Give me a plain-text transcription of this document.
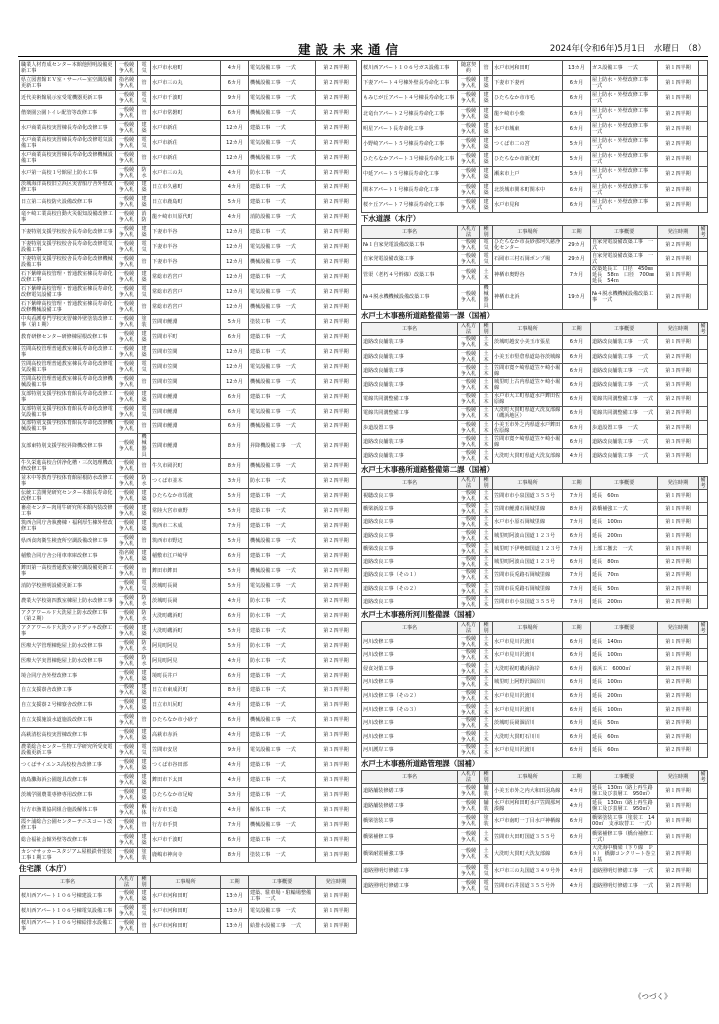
建設未来通信	2024年(令和6年)5月1日　水曜日　（8）
職業人材育成センター本館他照明設備更新工事	一般競争入札	電気	水戸市水府町	4カ月	電気設備工事　一式	第２四半期	
県立図書館ＥＶ室・サーバー室空調設備更新工事	指名競争入札	管	水戸市三の丸	6カ月	機械設備工事　一式	第２四半期	
近代美術館展示室受電機器更新工事	一般競争入札	電気	水戸市千波町	9カ月	電気設備工事　一式	第２四半期	
偕楽園公園トイレ配管等改修工事	一般競争入札	管	水戸市常磐町	6カ月	機械設備工事　一式	第２四半期	
水戸商業高校実習棟長寿命化改修工事	一般競争入札	建築	水戸市新荘	12カ月	建築工事　一式	第２四半期	
水戸商業高校実習棟長寿命化改修電気設備工事	一般競争入札	電気	水戸市新荘	12カ月	電気設備工事　一式	第２四半期	
水戸商業高校実習棟長寿命化改修機械設備工事	一般競争入札	管	水戸市新荘	12カ月	機械設備工事　一式	第２四半期	
水戸第一高校１号館屋上防水工事	一般競争入札	防水	水戸市三の丸	4カ月	防水工事　一式	第２四半期	
茨城海洋高校旧立浜区実習船庁舎外壁改修工事	一般競争入札	建築	日立市久慈町	4カ月	建築工事　一式	第２四半期	
日立第二高校防火設備改修工事	一般競争入札	建築	日立市鹿島町	5カ月	建築工事　一式	第２四半期	
竜ケ崎工業高校自動火災報知設備改修工事	一般競争入札	消防	龍ケ崎市川原代町	4カ月	消防設備工事　一式	第２四半期	
下妻特別支援学校校舎長寿命化改修工事	一般競争入札	建築	下妻市半谷	12カ月	建築工事　一式	第２四半期	
下妻特別支援学校校舎長寿命化改修電気設備工事	一般競争入札	電気	下妻市半谷	12カ月	電気設備工事　一式	第２四半期	
下妻特別支援学校校舎長寿命化改修機械設備工事	一般競争入札	管	下妻市半谷	12カ月	機械設備工事　一式	第２四半期	
石下紫峰高校管理・普通教室棟長寿命化改修工事	一般競争入札	建築	常総市若宮戸	12カ月	建築工事　一式	第２四半期	
石下紫峰高校管理・普通教室棟長寿命化改修電気設備工事	一般競争入札	電気	常総市若宮戸	12カ月	電気設備工事　一式	第２四半期	
石下紫峰高校管理・普通教室棟長寿命化改修機械設備工事	一般競争入札	管	常総市若宮戸	12カ月	機械設備工事　一式	第２四半期	
中央看護専門学校実習棟外壁塗装改修工事（第１期）	一般競争入札	塗装	笠間市鯉淵	5カ月	塗装工事　一式	第２四半期	
教育研修センター研修棟屋根改修工事	一般競争入札	建築	笠間市平町	6カ月	建築工事　一式	第２四半期	
笠間高校管理普通教室棟長寿命化改修工事	一般競争入札	建築	笠間市笠間	12カ月	建築工事　一式	第２四半期	
笠間高校管理普通教室棟長寿命化改修電気設備工事	一般競争入札	電気	笠間市笠間	12カ月	電気設備工事　一式	第２四半期	
笠間高校管理普通教室棟長寿命化改修機械設備工事	一般競争入札	管	笠間市笠間	12カ月	機械設備工事　一式	第２四半期	
友部特別支援学校体育館長寿命化改修工事	一般競争入札	建築	笠間市鯉淵	6カ月	建築工事　一式	第２四半期	
友部特別支援学校体育館長寿命化改修電気設備工事	一般競争入札	電気	笠間市鯉淵	6カ月	電気設備工事　一式	第２四半期	
友部特別支援学校体育館長寿命化改修機械設備工事	一般競争入札	管	笠間市鯉淵	6カ月	機械設備工事　一式	第２四半期	
友部東特別支援学校昇降機改修工事	一般競争入札	機械器具	笠間市鯉淵	8カ月	昇降機設備工事　一式	第２四半期	
牛久栄進高校合併浄化槽・三次処理機改修改修工事	一般競争入札	管	牛久市岡沢町	8カ月	機械設備工事　一式	第２四半期	
並木中等教育学校体育館屋根防水改修工事	一般競争入札	防水	つくば市並木	3カ月	防水工事　一式	第２四半期	
伝統工芸開発研究センター本館長寿命化改修工事	一般競争入札	建築	ひたちなか市馬渡	5カ月	建築工事　一式	第２四半期	
畜産センター肉用牛研究所本館内装改修工事	一般競争入札	建築	常陸大宮市東野	5カ月	建築工事　一式	第２四半期	
筑西合同庁舎執務棟・福利厚生棟外壁改修工事	一般競争入札	建築	筑西市二木成	7カ月	建築工事　一式	第２四半期	
県西食肉衛生検査所空調設備改修工事	一般競争入札	管	筑西市市野辺	5カ月	機械設備工事　一式	第２四半期	
稲敷合同庁舎公用車車庫改修工事	指名競争入札	建築	稲敷市江戸崎甲	6カ月	建築工事　一式	第２四半期	
鉾田第一高校普通教室棟空調設備更新工事	一般競争入札	管	鉾田市鉾田	5カ月	機械設備工事　一式	第２四半期	
消防学校照明設備更新工事	一般競争入札	電気	茨城町長岡	5カ月	電気設備工事　一式	第２四半期	
農業大学校第四教室棟屋上防水改修工事	一般競争入札	防水	茨城町長岡	4カ月	防水工事　一式	第２四半期	
アクアワールド大洗屋上防水改修工事（第２期）	一般競争入札	防水	大洗町磯浜町	6カ月	防水工事　一式	第２四半期	
アクアワールド大洗ウッドデッキ改修工事	一般競争入札	建築	大洗町磯浜町	5カ月	建築工事　一式	第２四半期	
医療大学管理棟他屋上防水改修工事	一般競争入札	防水	阿見町阿見	5カ月	防水工事　一式	第２四半期	
医療大学実習棟他屋上防水改修工事	一般競争入札	防水	阿見町阿見	4カ月	防水工事　一式	第２四半期	
境合同庁舎外壁改修工事	一般競争入札	建築	境町長井戸	6カ月	建築工事　一式	第２四半期	
自立支援寮舎改修工事	一般競争入札	建築	日立市東成沢町	8カ月	建築工事　一式	第３四半期	
自立支援寮２号棟寮舎改修工事	一般競争入札	建築	日立市川尻町	4カ月	建築工事　一式	第３四半期	
自立支援施設水道施設改修工事	一般競争入札	管	ひたちなか市小砂子	6カ月	機械設備工事　一式	第３四半期	
高萩清松高校実習棟改修工事	一般競争入札	建築	高萩市赤浜	4カ月	建築工事　一式	第３四半期	
農業総合センター生物工学研究所受変電設備更新工事	一般競争入札	電気	笠間市安居	9カ月	電気設備工事　一式	第３四半期	
つくばサイエンス高校校舎改修工事	一般競争入札	建築	つくば市谷田部	4カ月	建築工事　一式	第３四半期	
鹿島灘海浜公園遊具改修工事	一般競争入札	建築	鉾田市下太田	4カ月	建築工事　一式	第３四半期	
茨城学園農業専修専用改修工事	一般競争入札	建築	ひたちなか市足崎	3カ月	建築工事　一式	第３四半期	
行方市漁業協同組合施設解体工事	一般競争入札	解体	行方市玉造	4カ月	解体工事　一式	第３四半期	
霞ケ浦総合公園センターテニスコート改修工事	一般競争入札	管	行方市手賀	7カ月	機械設備工事　一式	第３四半期	
総合福祉会館外壁等改修工事	一般競争入札	建築	水戸市千波町	6カ月	建築工事　一式	第３四半期	
カシマサッカースタジアム屋根鉄骨塗装工事１期工事	一般競争入札	塗装	鹿嶋市神向寺	8カ月	塗装工事　一式	第３四半期	
住宅課（本庁）
工事名	入札方法	種別	工事場所	工期	工事概要	発注時期	
桜川西アパート１０６号棟建設工事	一般競争入札	建築	水戸市河和田町	13カ月	建築、駐車場・駐輪場整備工事　一式	第１四半期	
桜川西アパート１０６号棟電気設備工事	一般競争入札	電気	水戸市河和田町	13カ月	電気設備工事　一式	第１四半期	
桜川西アパート１０６号棟給排水設備工事	一般競争入札	管	水戸市河和田町	13カ月	給排水設備工事　一式	第１四半期	
桜川西アパート１０６号ガス設備工事	随意契約	管	水戸市河和田町	13カ月	ガス設備工事　一式	第１四半期	
下妻アパート４号棟外壁長寿命化工事	一般競争入札	建築	下妻市下妻丙	6カ月	屋上防水・外壁改修工事　一式	第１四半期	
もみじが丘アパート４号棟長寿命化工事	一般競争入札	建築	ひたちなか市市毛	6カ月	屋上防水・外壁改修工事　一式	第１四半期	
北竜台アパート２号棟長寿命化工事	一般競争入札	建築	龍ケ崎市小柴	6カ月	屋上防水・外壁改修工事　一式	第２四半期	
明星アパート長寿命化工事	一般競争入札	建築	水戸市城東	6カ月	屋上防水・外壁改修工事　一式	第２四半期	
小野崎アパート５号棟長寿命化工事	一般競争入札	建築	つくば市二の宮	5カ月	屋上防水・外壁改修工事　一式	第２四半期	
ひたちなかアパート３号棟長寿命化工事	一般競争入札	建築	ひたちなか市新光町	5カ月	屋上防水・外壁改修工事　一式	第２四半期	
中延アパート５号棟長寿命化工事	一般競争入札	建築	瀬来市上戸	5カ月	屋上防水・外壁改修工事　一式	第２四半期	
関本アパート１号棟長寿命化工事	一般競争入札	建築	北茨城市関本町関本中	6カ月	屋上防水・外壁改修工事　一式	第２四半期	
桜ケ丘アパート７号棟長寿命化工事	一般競争入札	建築	水戸市見和	6カ月	屋上防水・外壁改修工事　一式	第２四半期	
下水道課（本庁）
工事名	入札方法	種別	工事場所	工期	工事概要	発注時期	備考
№１自家発電設備改築工事	一般競争入札	電気	ひたちなか市長砂那珂久慈浄化センター	29カ月	自家発電設備改築工事　一式	第２四半期	
自家発電設備改築工事	一般競争入札	電気	石岡市三村石岡ポンプ場	29カ月	自家発電設備改築工事　一式	第２四半期	
管渠（老朽４号幹線）改築工事	一般競争入札	土木	神栖市奥野谷	7カ月	改築延長工　口径　450㎜　延長　58ｍ　口径　700㎜　延長　54ｍ	第１四半期	
№４脱水機機械設備改築工事	一般競争入札	機械器具	神栖市北浜	19カ月	№４脱水機機械設備改築工事　一式	第２四半期	
水戸土木事務所道路整備第一課（国補）
工事名	入札方法	種別	工事場所	工期	工事概要	発注時期	備考
道路改良舗装工事	一般競争入札	土木	茨城町越安小美玉市張星	6カ月	道路改良舗装工事　一式	第１四半期	
道路改良舗装工事	一般競争入札	土木	小美玉市堅倉県道島谷茨城線	6カ月	道路改良舗装工事　一式	第２四半期	
道路改良舗装工事	一般競争入札	土木	笠間市寛ケ崎県道笠ケ崎小堀線	6カ月	道路改良舗装工事　一式	第３四半期	
道路改良舗装工事	一般競争入札	土木	城里町上古内県道笠ケ崎小堀線	6カ月	道路改良舗装工事　一式	第３四半期	
電線共同溝整備工事	一般競争入札	土木	水戸市大工町県道水戸鉾田佐原線	6カ月	電線共同溝整備工事　一式	第２四半期	
電線共同溝整備工事	一般競争入札	土木	大洗町大貫町県道大洗友部線（磯浜地区）	6カ月	電線共同溝整備工事　一式	第２四半期	
歩道設置工事	一般競争入札	土木	小美玉市外之内県道水戸鉾田佐原線	6カ月	歩道設置工事　一式	第２四半期	
道路改良舗装工事	一般競争入札	土木	笠間市寛ケ崎県道笠ケ崎小堀線	6カ月	道路改良舗装工事　一式	第３四半期	
道路改良舗装工事	一般競争入札	土木	大洗町大貫町県道大洗友部線	4カ月	道路改良舗装工事　一式	第３四半期	
水戸土木事務所道路整備第二課（国補）
工事名	入札方法	種別	工事場所	工期	工事概要	発注時期	備考
視聴改良工事	一般競争入札	土木	笠間市市小泉国道３５５号	7カ月	延長　60ｍ	第１四半期	
橋梁新設工事	一般競争入札	土木	笠間市鯉淵石岡城里線	8カ月	鉄橋補強工一式	第１四半期	
道路改良工事	一般競争入札	土木	水戸市小原石岡城里線	7カ月	延長　100ｍ	第１四半期	
道路改良工事	一般競争入札	土木	城里町阿波山国道１２３号	6カ月	延長　200ｍ	第１四半期	
橋梁改良工事	一般競争入札	土木	城里町下伊勢畑国道１２３号	7カ月	上部工撤去　一式	第１四半期	
道路改良工事	一般競争入札	土木	城里町阿波山国道１２３号	6カ月	延長　80ｍ	第２四半期	
道路改良工事（その１）	一般競争入札	土木	笠間市長兎路石岡城里線	7カ月	延長　70ｍ	第２四半期	
道路改良工事（その２）	一般競争入札	土木	笠間市長兎路石岡城里線	7カ月	延長　50ｍ	第２四半期	
道路改良工事	一般競争入札	土木	笠間市市小泉国道３５５号	7カ月	延長　200ｍ	第２四半期	
水戸土木事務所河川整備課（国補）
工事名	入札方法	種別	工事場所	工期	工事概要	発注時期	備考
河川改修工事	一般競争入札	土木	水戸市見川沢渡川	6カ月	延長　140ｍ	第１四半期	
河川改修工事	一般競争入札	土木	水戸市見川沢渡川	6カ月	延長　100ｍ	第１四半期	
侵食対策工事	一般競争入札	土木	大洗町祝町磯浜海岸	6カ月	養浜工　6000㎥	第２四半期	
河川改修工事	一般競争入札	土木	城里町上阿野沢涸沼川	6カ月	延長　100ｍ	第２四半期	
河川改修工事（その２）	一般競争入札	土木	水戸市見川沢渡川	6カ月	延長　200ｍ	第２四半期	
河川改修工事（その３）	一般競争入札	土木	水戸市見川沢渡川	6カ月	延長　100ｍ	第２四半期	
河川改修工事	一般競争入札	土木	茨城町長岡涸沼川	6カ月	延長　50ｍ	第２四半期	
河川改修工事	一般競争入札	土木	大洗町大貫町石川川	6カ月	延長　60ｍ	第２四半期	
河川護岸工事	一般競争入札	土木	水戸市見川沢渡川	6カ月	延長　60ｍ	第２四半期	
水戸土木事務所道路管理課（国補）
工事名	入札方法	種別	工事場所	工期	工事概要	発注時期	備考
道路舗装修繕工事	一般競争入札	舗装	小美玉市外之内大和田羽鳥線	4カ月	延長　130ｍ（路上再生路盤工及び表層工　950㎡）	第１四半期	
道路舗装修繕工事	一般競争入札	舗装	水戸市河和田町水戸笠間那珂湊線	4カ月	延長　130ｍ（路上再生路盤工及び表層工　950㎡）	第１四半期	
橋梁塗装工事	一般競争入札	塗装	水戸市南町一丁目水戸神栖線	6カ月	橋梁塗装工事（塗装工　1400㎡　支承取替工　一式）	第１四半期	
橋梁補修工事	一般競争入札	土木	笠間市大田町国道３５５号	6カ月	橋梁補修工事（橋台補修工　一式）	第１四半期	
橋梁耐震補強工事	一般競争入札	土木	大洗町大貫町大洗友部線	6カ月	大洗海中橋梁（下り線　Ｐ８）　橋脚コンクリート巻立　１基	第２四半期	
道路照明灯修繕工事	一般競争入札	電気	水戸市三の丸国道３４９号外	4カ月	道路照明灯修繕工事　一式	第２四半期	
道路照明灯修繕工事	一般競争入札	電気	笠間市石井国道３５５号外	4カ月	道路照明灯修繕工事　一式	第２四半期	
《つづく》
